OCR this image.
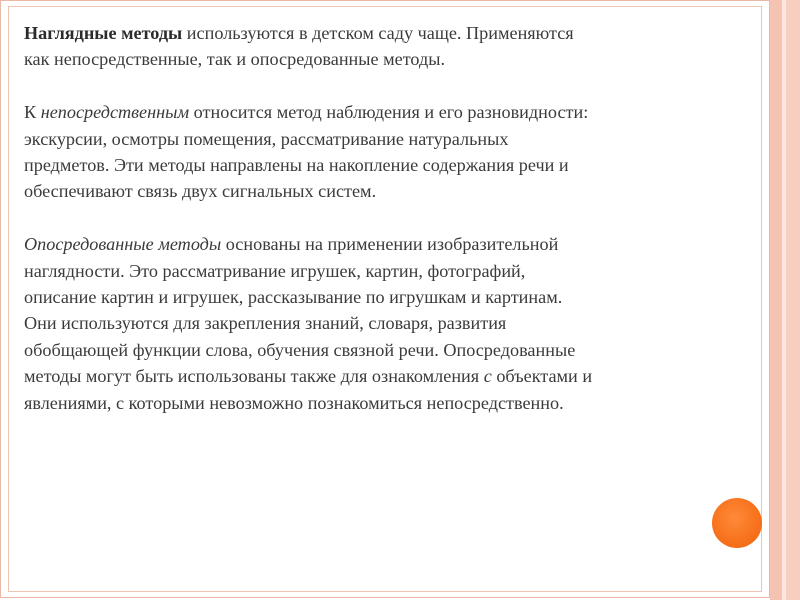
Наглядные методы используются в детском саду чаще. Применяются
как непосредственные, так и опосредованные методы.

К непосредственным относится метод наблюдения и его разновидности:
экскурсии, осмотры помещения, рассматривание натуральных
предметов. Эти методы направлены на накопление содержания речи и
обеспечивают связь двух сигнальных систем.

Опосредованные методы основаны на применении изобразительной
наглядности. Это рассматривание игрушек, картин, фотографий,
описание картин и игрушек, рассказывание по игрушкам и картинам.
Они используются для закрепления знаний, словаря, развития
обобщающей функции слова, обучения связной речи. Опосредованные
методы могут быть использованы также для ознакомления с объектами и
явлениями, с которыми невозможно познакомиться непосредственно.
